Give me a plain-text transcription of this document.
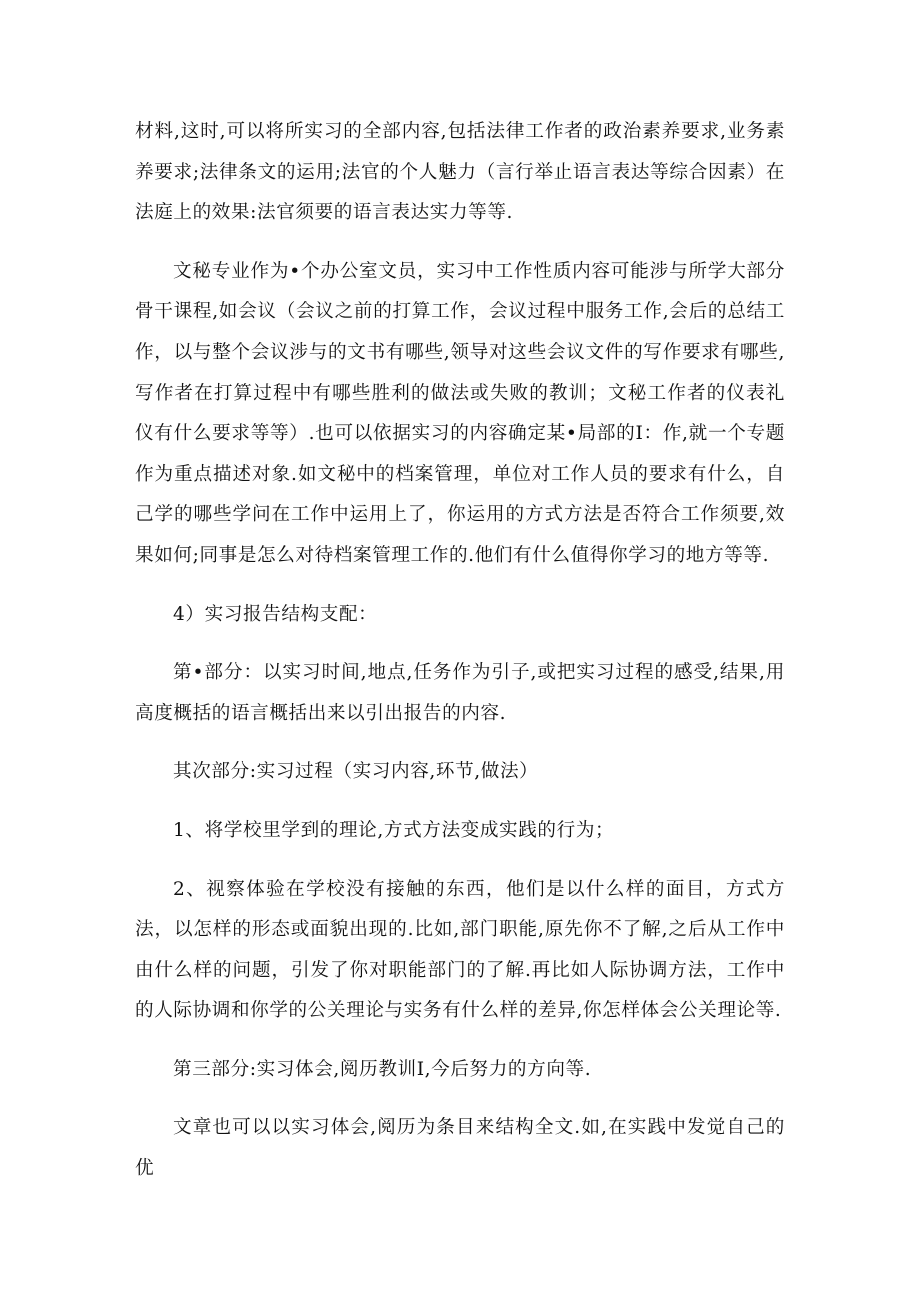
材料,这时,可以将所实习的全部内容,包括法律工作者的政治素养要求,业务素养要求;法律条文的运用;法官的个人魅力（言行举止语言表达等综合因素）在法庭上的效果:法官须要的语言表达实力等等.

文秘专业作为•个办公室文员，实习中工作性质内容可能涉与所学大部分骨干课程,如会议（会议之前的打算工作，会议过程中服务工作,会后的总结工作，以与整个会议涉与的文书有哪些,领导对这些会议文件的写作要求有哪些,写作者在打算过程中有哪些胜利的做法或失败的教训；文秘工作者的仪表礼仪有什么要求等等）.也可以依据实习的内容确定某•局部的I：作,就一个专题作为重点描述对象.如文秘中的档案管理，单位对工作人员的要求有什么，自己学的哪些学问在工作中运用上了，你运用的方式方法是否符合工作须要,效果如何;同事是怎么对待档案管理工作的.他们有什么值得你学习的地方等等.

4）实习报告结构支配：

第•部分：以实习时间,地点,任务作为引子,或把实习过程的感受,结果,用高度概括的语言概括出来以引出报告的内容.

其次部分:实习过程（实习内容,环节,做法）

1、将学校里学到的理论,方式方法变成实践的行为；

2、视察体验在学校没有接触的东西，他们是以什么样的面目，方式方法，以怎样的形态或面貌出现的.比如,部门职能,原先你不了解,之后从工作中由什么样的问题，引发了你对职能部门的了解.再比如人际协调方法，工作中的人际协调和你学的公关理论与实务有什么样的差异,你怎样体会公关理论等.

第三部分:实习体会,阅历教训I,今后努力的方向等.

文章也可以以实习体会,阅历为条目来结构全文.如,在实践中发觉自己的优
